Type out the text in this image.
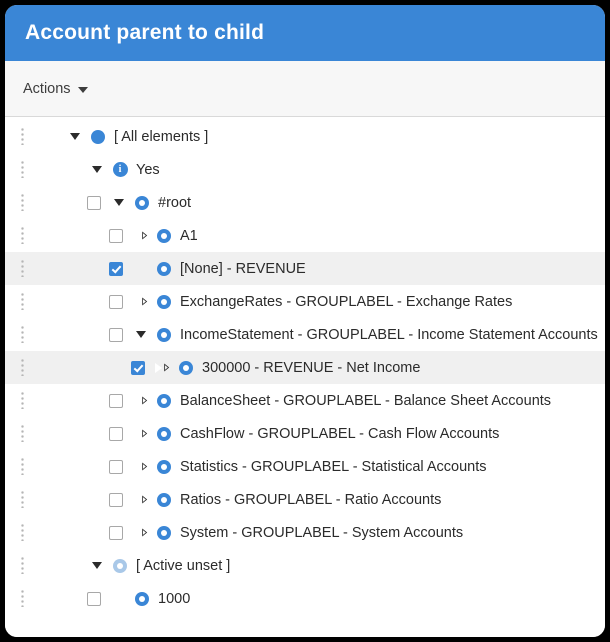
Account parent to child
Actions
[ All elements ]
i	Yes
#root
A1
[None] - REVENUE
ExchangeRates - GROUPLABEL - Exchange Rates
IncomeStatement - GROUPLABEL - Income Statement Accounts
300000 - REVENUE - Net Income
BalanceSheet - GROUPLABEL - Balance Sheet Accounts
CashFlow - GROUPLABEL - Cash Flow Accounts
Statistics - GROUPLABEL - Statistical Accounts
Ratios - GROUPLABEL - Ratio Accounts
System - GROUPLABEL - System Accounts
[ Active unset ]
1000
